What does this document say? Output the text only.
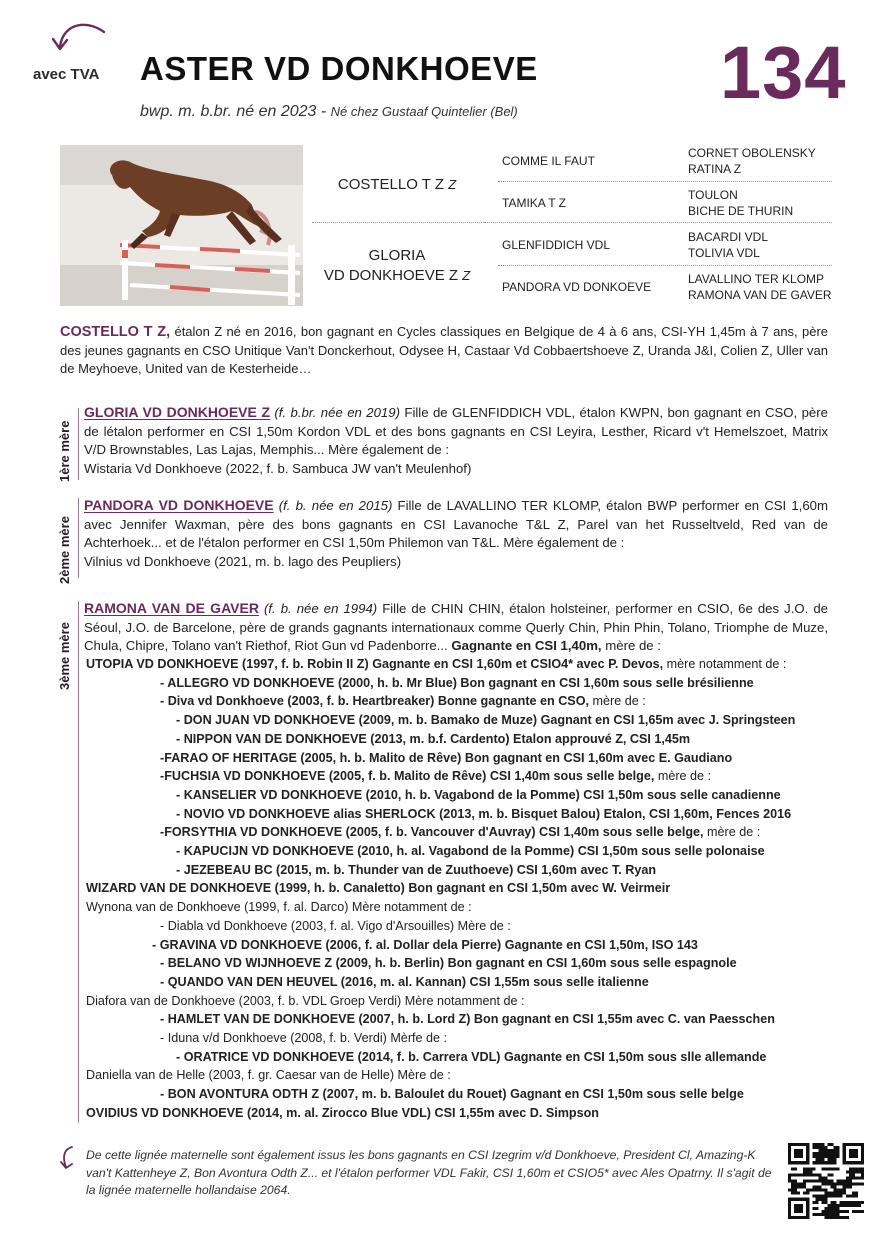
avec TVA ASTER VD DONKHOEVE 134
bwp. m. b.br. né en 2023 - Né chez Gustaaf Quintelier (Bel)
COSTELLO T Z Z
GLORIA
VD DONKHOEVE Z Z
COMME IL FAUT
TAMIKA T Z
GLENFIDDICH VDL
PANDORA VD DONKOEVE
CORNET OBOLENSKY
RATINA Z
TOULON
BICHE DE THURIN
BACARDI VDL
TOLIVIA VDL
LAVALLINO TER KLOMP
RAMONA VAN DE GAVER
COSTELLO T Z, étalon Z né en 2016, bon gagnant en Cycles classiques en Belgique de 4 à 6 ans, CSI-YH 1,45m à 7 ans, père des jeunes gagnants en CSO Unitique Van't Donckerhout, Odysee H, Castaar Vd Cobbaertshoeve Z, Uranda J&I, Colien Z, Uller van de Meyhoeve, United van de Kesterheide…
1ère mère
2ème mère
3ème mère
GLORIA VD DONKHOEVE Z (f. b.br. née en 2019) Fille de GLENFIDDICH VDL, étalon KWPN, bon gagnant en CSO, père de létalon performer en CSI 1,50m Kordon VDL et des bons gagnants en CSI Leyira, Lesther, Ricard v't Hemelszoet, Matrix V/D Brownstables, Las Lajas, Memphis... Mère également de :
Wistaria Vd Donkhoeve (2022, f. b. Sambuca JW van't Meulenhof)
PANDORA VD DONKHOEVE (f. b. née en 2015) Fille de LAVALLINO TER KLOMP, étalon BWP performer en CSI 1,60m avec Jennifer Waxman, père des bons gagnants en CSI Lavanoche T&L Z, Parel van het Russeltveld, Red van de Achterhoek... et de l'étalon performer en CSI 1,50m Philemon van T&L. Mère également de :
Vilnius vd Donkhoeve (2021, m. b. lago des Peupliers)
RAMONA VAN DE GAVER (f. b. née en 1994) Fille de CHIN CHIN, étalon holsteiner, performer en CSIO, 6e des J.O. de Séoul, J.O. de Barcelone, père de grands gagnants internationaux comme Querly Chin, Phin Phin, Tolano, Triomphe de Muze, Chula, Chipre, Tolano van't Riethof, Riot Gun vd Padenborre... Gagnante en CSI 1,40m, mère de :
UTOPIA VD DONKHOEVE (1997, f. b. Robin II Z) Gagnante en CSI 1,60m et CSIO4* avec P. Devos, mère notamment de :
- ALLEGRO VD DONKHOEVE (2000, h. b. Mr Blue) Bon gagnant en CSI 1,60m sous selle brésilienne
- Diva vd Donkhoeve (2003, f. b. Heartbreaker) Bonne gagnante en CSO, mère de :
- DON JUAN VD DONKHOEVE (2009, m. b. Bamako de Muze) Gagnant en CSI 1,65m avec J. Springsteen
- NIPPON VAN DE DONKHOEVE (2013, m. b.f. Cardento) Etalon approuvé Z, CSI 1,45m
-FARAO OF HERITAGE (2005, h. b. Malito de Rêve) Bon gagnant en CSI 1,60m avec E. Gaudiano
-FUCHSIA VD DONKHOEVE (2005, f. b. Malito de Rêve) CSI 1,40m sous selle belge, mère de :
- KANSELIER VD DONKHOEVE (2010, h. b. Vagabond de la Pomme) CSI 1,50m sous selle canadienne
- NOVIO VD DONKHOEVE alias SHERLOCK (2013, m. b. Bisquet Balou) Etalon, CSI 1,60m, Fences 2016
-FORSYTHIA VD DONKHOEVE (2005, f. b. Vancouver d'Auvray) CSI 1,40m sous selle belge, mère de :
- KAPUCIJN VD DONKHOEVE (2010, h. al. Vagabond de la Pomme) CSI 1,50m sous selle polonaise
- JEZEBEAU BC (2015, m. b. Thunder van de Zuuthoeve) CSI 1,60m avec T. Ryan
WIZARD VAN DE DONKHOEVE (1999, h. b. Canaletto) Bon gagnant en CSI 1,50m avec W. Veirmeir
Wynona van de Donkhoeve (1999, f. al. Darco) Mère notamment de :
- Diabla vd Donkhoeve (2003, f. al. Vigo d'Arsouilles) Mère de :
- GRAVINA VD DONKHOEVE (2006, f. al. Dollar dela Pierre) Gagnante en CSI 1,50m, ISO 143
- BELANO VD WIJNHOEVE Z (2009, h. b. Berlin) Bon gagnant en CSI 1,60m sous selle espagnole
- QUANDO VAN DEN HEUVEL (2016, m. al. Kannan) CSI 1,55m sous selle italienne
Diafora van de Donkhoeve (2003, f. b. VDL Groep Verdi) Mère notamment de :
- HAMLET VAN DE DONKHOEVE (2007, h. b. Lord Z) Bon gagnant en CSI 1,55m avec C. van Paesschen
- Iduna v/d Donkhoeve (2008, f. b. Verdi) Mèrfe de :
- ORATRICE VD DONKHOEVE (2014, f. b. Carrera VDL) Gagnante en CSI 1,50m sous slle allemande
Daniella van de Helle (2003, f. gr. Caesar van de Helle) Mère de :
- BON AVONTURA ODTH Z (2007, m. b. Baloulet du Rouet) Gagnant en CSI 1,50m sous selle belge
OVIDIUS VD DONKHOEVE (2014, m. al. Zirocco Blue VDL) CSI 1,55m avec D. Simpson
De cette lignée maternelle sont également issus les bons gagnants en CSI Izegrim v/d Donkhoeve, President Cl, Amazing-K van't Kattenheye Z, Bon Avontura Odth Z... et l'étalon performer VDL Fakir, CSI 1,60m et CSIO5* avec Ales Opatrny. Il s'agit de la lignée maternelle hollandaise 2064.
